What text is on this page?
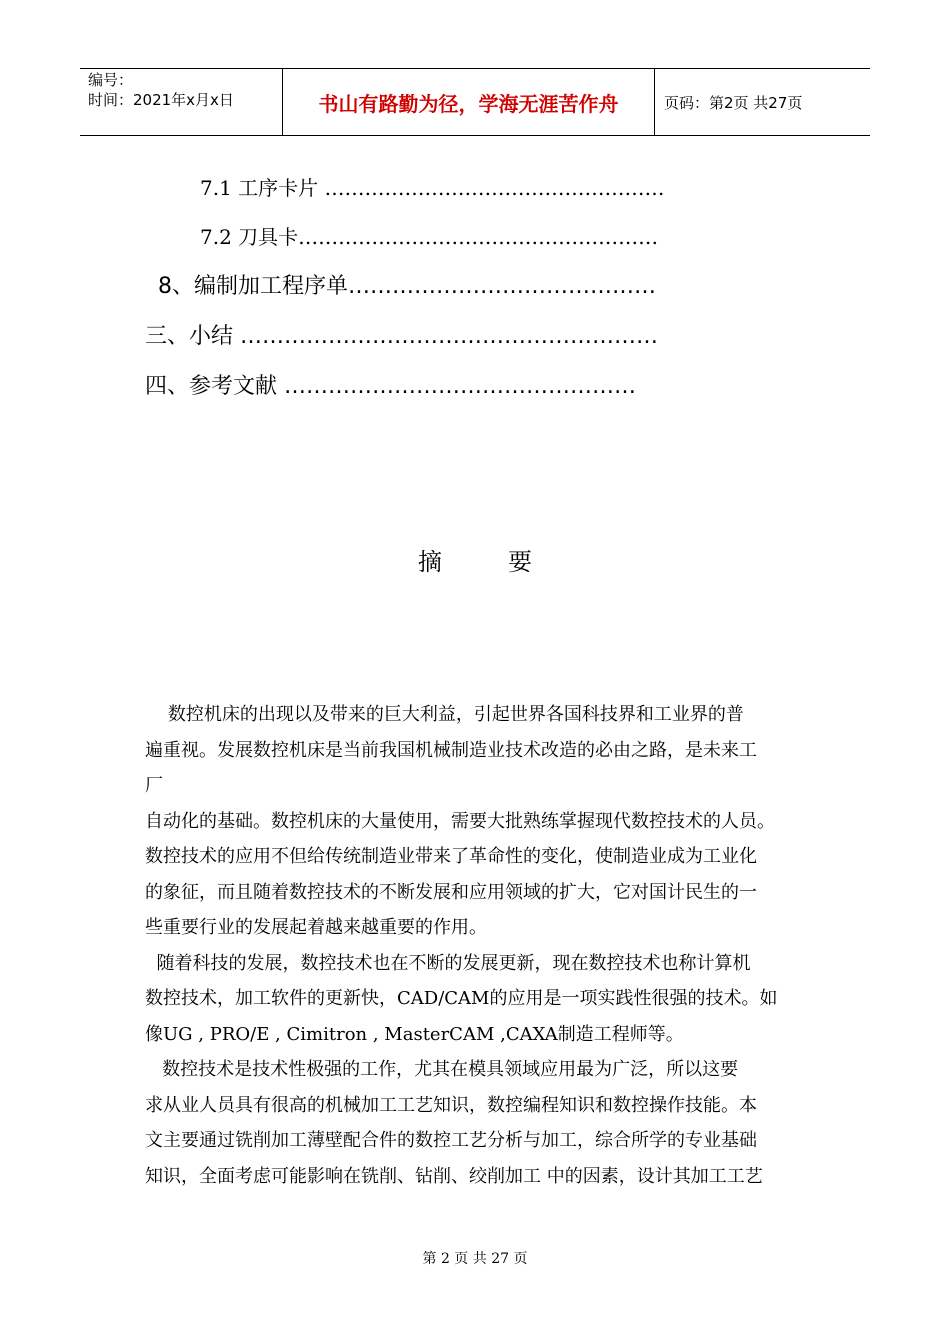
编号：
时间：2021年x月x日	书山有路勤为径，学海无涯苦作舟	页码：第2页 共27页
7.1 工序卡片 ……………………………………………
7.2 刀具卡………………………………………………
8、编制加工程序单……………………………………
三、小结 …………………………………………………
四、参考文献 …………………………………………
摘	要

数控机床的出现以及带来的巨大利益，引起世界各国科技界和工业界的普
遍重视。发展数控机床是当前我国机械制造业技术改造的必由之路，是未来工
厂
自动化的基础。数控机床的大量使用，需要大批熟练掌握现代数控技术的人员。
数控技术的应用不但给传统制造业带来了革命性的变化，使制造业成为工业化
的象征，而且随着数控技术的不断发展和应用领域的扩大，它对国计民生的一
些重要行业的发展起着越来越重要的作用。

随着科技的发展，数控技术也在不断的发展更新，现在数控技术也称计算机
数控技术，加工软件的更新快，CAD/CAM的应用是一项实践性很强的技术。如
像UG , PRO/E , Cimitron , MasterCAM ,CAXA制造工程师等。

数控技术是技术性极强的工作，尤其在模具领域应用最为广泛，所以这要
求从业人员具有很高的机械加工工艺知识，数控编程知识和数控操作技能。本
文主要通过铣削加工薄壁配合件的数控工艺分析与加工，综合所学的专业基础
知识，全面考虑可能影响在铣削、钻削、绞削加工 中的因素，设计其加工工艺

第 2 页 共 27 页
